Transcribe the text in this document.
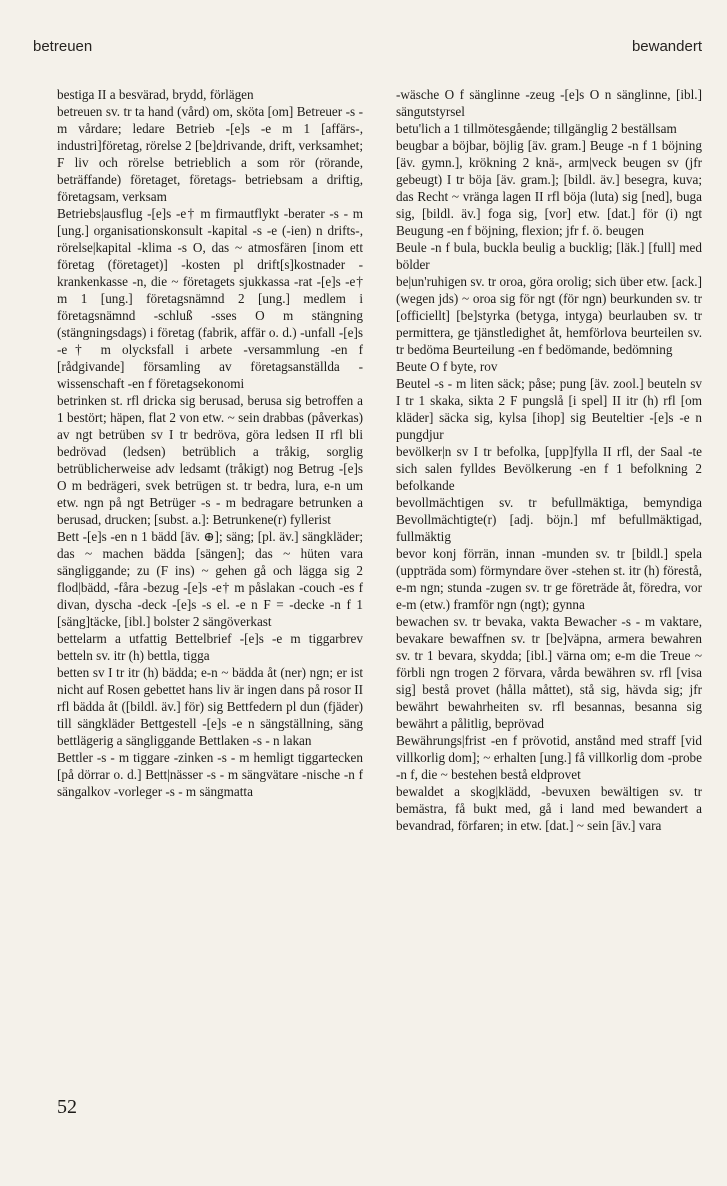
betreuen	bewandert

bestiga II a besvärad, brydd, förlägen

betreuen sv. tr ta hand (vård) om, sköta [om] Betreuer -s - m vårdare; ledare Betrieb -[e]s -e m 1 [affärs-, industri]företag, rörelse 2 [be]drivande, drift, verksamhet; F liv och rörelse betrieblich a som rör (rörande, beträffande) företaget, företags- betriebsam a driftig, företagsam, verksam

Betriebs|ausflug -[e]s -e† m firmautflykt -berater -s - m [ung.] organisationskonsult -kapital -s -e (-ien) n drifts-, rörelse|kapital -klima -s O, das ~ atmosfären [inom ett företag (företaget)] -kosten pl drift[s]kostnader -krankenkasse -n, die ~ företagets sjukkassa -rat -[e]s -e† m 1 [ung.] företagsnämnd 2 [ung.] medlem i företagsnämnd -schluß -sses O m stängning (stängningsdags) i företag (fabrik, affär o. d.) -unfall -[e]s -e† m olycksfall i arbete -versammlung -en f [rådgivande] församling av företagsanställda -wissenschaft -en f företagsekonomi

betrinken st. rfl dricka sig berusad, berusa sig betroffen a 1 bestört; häpen, flat 2 von etw. ~ sein drabbas (påverkas) av ngt betrüben sv I tr bedröva, göra ledsen II rfl bli bedrövad (ledsen) betrüblich a tråkig, sorglig betrüblicherweise adv ledsamt (tråkigt) nog Betrug -[e]s O m bedrägeri, svek betrügen st. tr bedra, lura, e-n um etw. ngn på ngt Betrüger -s - m bedragare betrunken a berusad, drucken; [subst. a.]: Betrunkene(r) fyllerist

Bett -[e]s -en n 1 bädd [äv. ⊕]; säng; [pl. äv.] sängkläder; das ~ machen bädda [sängen]; das ~ hüten vara sängliggande; zu (F ins) ~ gehen gå och lägga sig 2 flod|bädd, -fåra -bezug -[e]s -e† m påslakan -couch -es f divan, dyscha -deck -[e]s -s el. -e n F = -decke -n f 1 [säng]täcke, [ibl.] bolster 2 sängöverkast

bettelarm a utfattig Bettelbrief -[e]s -e m tiggarbrev betteln sv. itr (h) bettla, tigga

betten sv I tr itr (h) bädda; e-n ~ bädda åt (ner) ngn; er ist nicht auf Rosen gebettet hans liv är ingen dans på rosor II rfl bädda åt ([bildl. äv.] för) sig Bettfedern pl dun (fjäder) till sängkläder Bettgestell -[e]s -e n sängställning, säng bettlägerig a sängliggande Bettlaken -s - n lakan

Bettler -s - m tiggare -zinken -s - m hemligt tiggartecken [på dörrar o. d.] Bett|nässer -s - m sängvätare -nische -n f sängalkov -vorleger -s - m sängmatta

-wäsche O f sänglinne -zeug -[e]s O n sänglinne, [ibl.] sängutstyrsel

betu'lich a 1 tillmötesgående; tillgänglig 2 beställsam

beugbar a böjbar, böjlig [äv. gram.] Beuge -n f 1 böjning [äv. gymn.], krökning 2 knä-, arm|veck beugen sv (jfr gebeugt) I tr böja [äv. gram.]; [bildl. äv.] besegra, kuva; das Recht ~ vränga lagen II rfl böja (luta) sig [ned], buga sig, [bildl. äv.] foga sig, [vor] etw. [dat.] för (i) ngt Beugung -en f böjning, flexion; jfr f. ö. beugen

Beule -n f bula, buckla beulig a bucklig; [läk.] [full] med bölder

be|un'ruhigen sv. tr oroa, göra orolig; sich über etw. [ack.] (wegen jds) ~ oroa sig för ngt (för ngn) beurkunden sv. tr [officiellt] [be]styrka (betyga, intyga) beurlauben sv. tr permittera, ge tjänstledighet åt, hemförlova beurteilen sv. tr bedöma Beurteilung -en f bedömande, bedömning

Beute O f byte, rov

Beutel -s - m liten säck; påse; pung [äv. zool.] beuteln sv I tr 1 skaka, sikta 2 F pungslå [i spel] II itr (h) rfl [om kläder] säcka sig, kylsa [ihop] sig Beuteltier -[e]s -e n pungdjur

bevölker|n sv I tr befolka, [upp]fylla II rfl, der Saal -te sich salen fylldes Bevölkerung -en f 1 befolkning 2 befolkande

bevollmächtigen sv. tr befullmäktiga, bemyndiga Bevollmächtigte(r) [adj. böjn.] mf befullmäktigad, fullmäktig

bevor konj förrän, innan -munden sv. tr [bildl.] spela (uppträda som) förmyndare över -stehen st. itr (h) förestå, e-m ngn; stunda -zugen sv. tr ge företräde åt, föredra, vor e-m (etw.) framför ngn (ngt); gynna

bewachen sv. tr bevaka, vakta Bewacher -s - m vaktare, bevakare bewaffnen sv. tr [be]väpna, armera bewahren sv. tr 1 bevara, skydda; [ibl.] värna om; e-m die Treue ~ förbli ngn trogen 2 förvara, vårda bewähren sv. rfl [visa sig] bestå provet (hålla måttet), stå sig, hävda sig; jfr bewährt bewahrheiten sv. rfl besannas, besanna sig bewährt a pålitlig, beprövad

Bewährungs|frist -en f prövotid, anstånd med straff [vid villkorlig dom]; ~ erhalten [ung.] få villkorlig dom -probe -n f, die ~ bestehen bestå eldprovet

bewaldet a skog|klädd, -bevuxen bewältigen sv. tr bemästra, få bukt med, gå i land med bewandert a bevandrad, förfaren; in etw. [dat.] ~ sein [äv.] vara

52
